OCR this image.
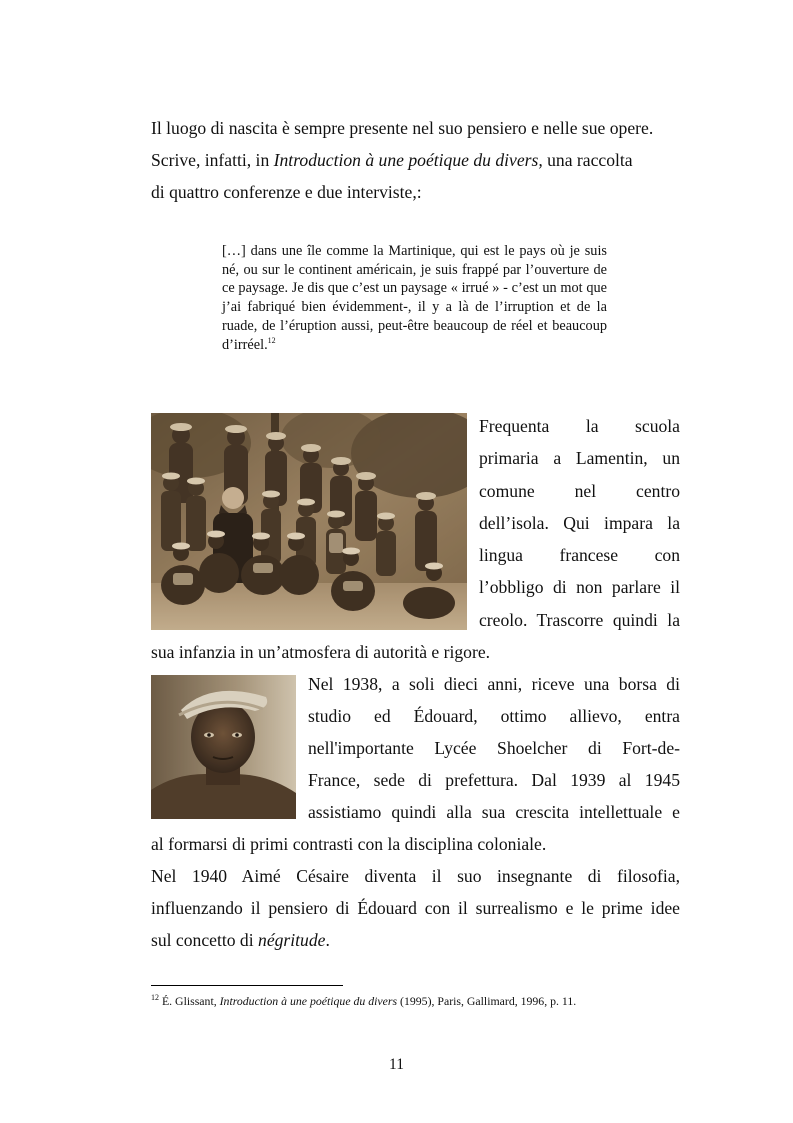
Il luogo di nascita è sempre presente nel suo pensiero e nelle sue opere.
Scrive, infatti, in Introduction à une poétique du divers, una raccolta
di quattro conferenze e due interviste,:

[…] dans une île comme la Martinique, qui est le pays où je suis né, ou sur le continent américain, je suis frappé par l’ouverture de ce paysage. Je dis que c’est un paysage « irrué » - c’est un mot que j’ai fabriqué bien évidemment-, il y a là de l’irruption et de la ruade, de l’éruption aussi, peut-être beaucoup de réel et beaucoup d’irréel.$^{12}$

Frequenta la scuola
primaria a Lamentin, un
comune nel centro
dell’isola. Qui impara la
lingua francese con
l’obbligo di non parlare il
creolo. Trascorre quindi la

sua infanzia in un’atmosfera di autorità e rigore.

Nel 1938, a soli dieci anni, riceve una borsa di
studio ed Édouard, ottimo allievo, entra
nell'importante Lycée Shoelcher di Fort-de-
France, sede di prefettura. Dal 1939 al 1945
assistiamo quindi alla sua crescita intellettuale e

al formarsi di primi contrasti con la disciplina coloniale.

Nel 1940 Aimé Césaire diventa il suo insegnante di filosofia,
influenzando il pensiero di Édouard con il surrealismo e le prime idee
sul concetto di négritude.

$^{12}$ É. Glissant, Introduction à une poétique du divers (1995), Paris, Gallimard, 1996, p. 11.

11
